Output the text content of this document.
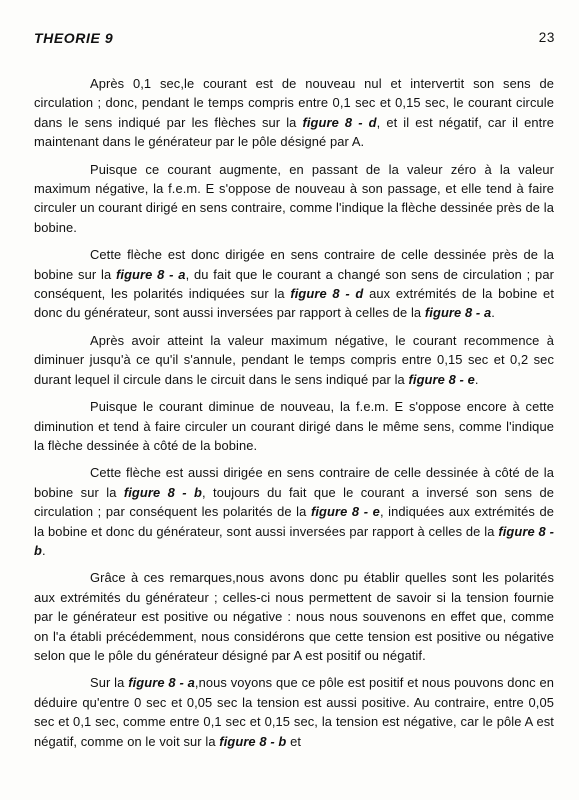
THEORIE 9	23

Après 0,1 sec,le courant est de nouveau nul et intervertit son sens de circulation ; donc, pendant le temps compris entre 0,1 sec et 0,15 sec, le courant circule dans le sens indiqué par les flèches sur la figure 8 - d, et il est négatif, car il entre maintenant dans le générateur par le pôle désigné par A.

Puisque ce courant augmente, en passant de la valeur zéro à la valeur maximum négative, la f.e.m. E s'oppose de nouveau à son passage, et elle tend à faire circuler un courant dirigé en sens contraire, comme l'indique la flèche dessinée près de la bobine.

Cette flèche est donc dirigée en sens contraire de celle dessinée près de la bobine sur la figure 8 - a, du fait que le courant a changé son sens de circulation ; par conséquent, les polarités indiquées sur la figure 8 - d aux extrémités de la bobine et donc du générateur, sont aussi inversées par rapport à celles de la figure 8 - a.

Après avoir atteint la valeur maximum négative, le courant recommence à diminuer jusqu'à ce qu'il s'annule, pendant le temps compris entre 0,15 sec et 0,2 sec durant lequel il circule dans le circuit dans le sens indiqué par la figure 8 - e.

Puisque le courant diminue de nouveau, la f.e.m. E s'oppose encore à cette diminution et tend à faire circuler un courant dirigé dans le même sens, comme l'indique la flèche dessinée à côté de la bobine.

Cette flèche est aussi dirigée en sens contraire de celle dessinée à côté de la bobine sur la figure 8 - b, toujours du fait que le courant a inversé son sens de circulation ; par conséquent les polarités de la figure 8 - e, indiquées aux extrémités de la bobine et donc du générateur, sont aussi inversées par rapport à celles de la figure 8 - b.

Grâce à ces remarques,nous avons donc pu établir quelles sont les polarités aux extrémités du générateur ; celles-ci nous permettent de savoir si la tension fournie par le générateur est positive ou négative : nous nous souvenons en effet que, comme on l'a établi précédemment, nous considérons que cette tension est positive ou négative selon que le pôle du générateur désigné par A est positif ou négatif.

Sur la figure 8 - a,nous voyons que ce pôle est positif et nous pouvons donc en déduire qu'entre 0 sec et 0,05 sec la tension est aussi positive. Au contraire, entre 0,05 sec et 0,1 sec, comme entre 0,1 sec et 0,15 sec, la tension est négative, car le pôle A est négatif, comme on le voit sur la figure 8 - b et
